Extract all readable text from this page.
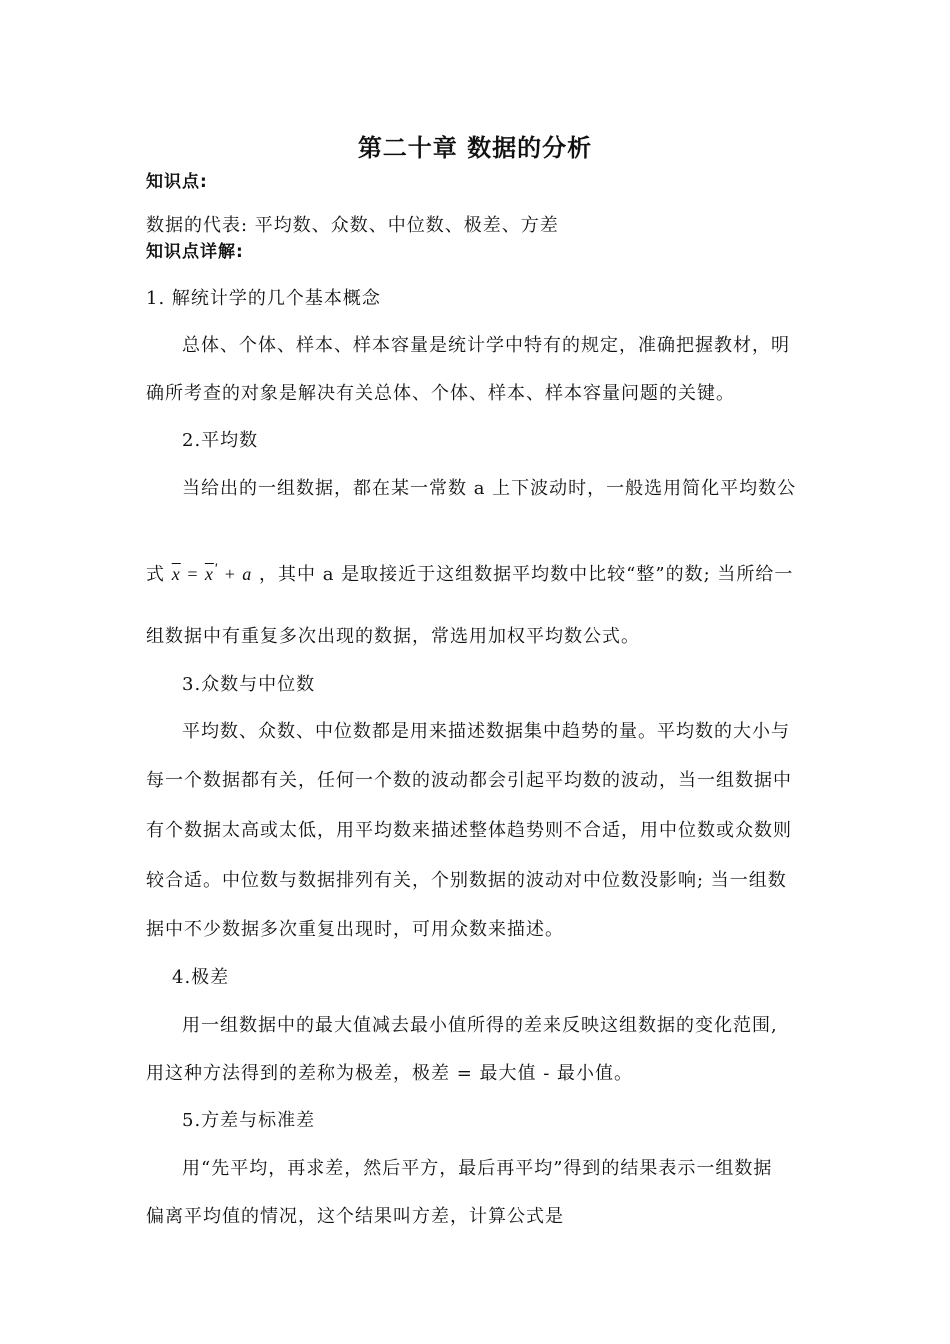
第二十章 数据的分析
知识点:
数据的代表: 平均数、众数、中位数、极差、方差
知识点详解:
1. 解统计学的几个基本概念
总体、个体、样本、样本容量是统计学中特有的规定，准确把握教材，明
确所考查的对象是解决有关总体、个体、样本、样本容量问题的关键。
2.平均数
当给出的一组数据，都在某一常数 a 上下波动时，一般选用简化平均数公
式 $\overline{x} = \overline{x}' + a$ ，其中 a 是取接近于这组数据平均数中比较“整”的数; 当所给一
组数据中有重复多次出现的数据，常选用加权平均数公式。
3.众数与中位数
平均数、众数、中位数都是用来描述数据集中趋势的量。平均数的大小与
每一个数据都有关，任何一个数的波动都会引起平均数的波动，当一组数据中
有个数据太高或太低，用平均数来描述整体趋势则不合适，用中位数或众数则
较合适。中位数与数据排列有关，个别数据的波动对中位数没影响; 当一组数
据中不少数据多次重复出现时，可用众数来描述。
4.极差
用一组数据中的最大值减去最小值所得的差来反映这组数据的变化范围,
用这种方法得到的差称为极差，极差 = 最大值 - 最小值。
5.方差与标准差
用“先平均，再求差，然后平方，最后再平均”得到的结果表示一组数据
偏离平均值的情况，这个结果叫方差，计算公式是
